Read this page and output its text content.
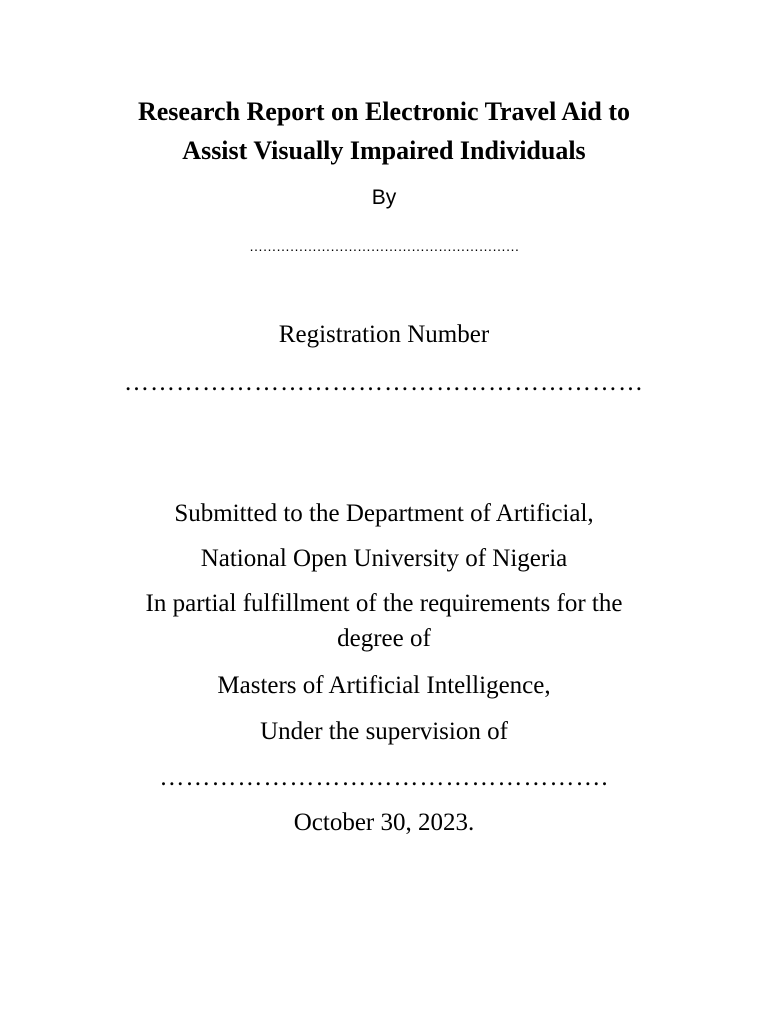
Research Report on Electronic Travel Aid to
Assist Visually Impaired Individuals
By
……………………………………………………
Registration Number
……………………………………………………
Submitted to the Department of Artificial,
National Open University of Nigeria
In partial fulfillment of the requirements for the
degree of
Masters of Artificial Intelligence,
Under the supervision of
…………………………………………….
October 30, 2023.
